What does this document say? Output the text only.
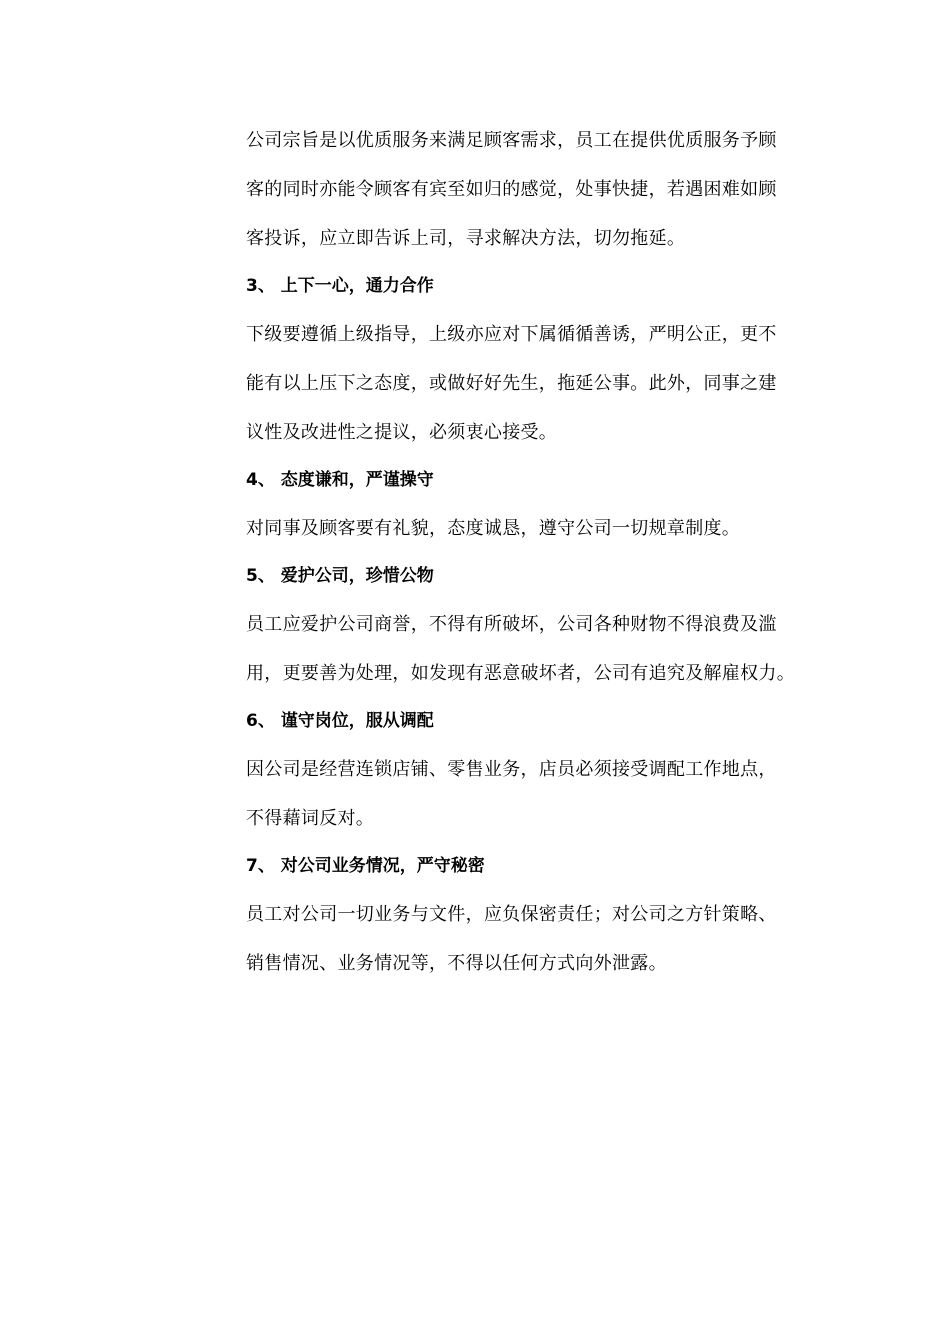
公司宗旨是以优质服务来满足顾客需求，员工在提供优质服务予顾

客的同时亦能令顾客有宾至如归的感觉，处事快捷，若遇困难如顾

客投诉，应立即告诉上司，寻求解决方法，切勿拖延。

3、 上下一心，通力合作

下级要遵循上级指导，上级亦应对下属循循善诱，严明公正，更不

能有以上压下之态度，或做好好先生，拖延公事。此外，同事之建

议性及改进性之提议，必须衷心接受。

4、 态度谦和，严谨操守

对同事及顾客要有礼貌，态度诚恳，遵守公司一切规章制度。

5、 爱护公司，珍惜公物

员工应爱护公司商誉，不得有所破坏，公司各种财物不得浪费及滥

用，更要善为处理，如发现有恶意破坏者，公司有追究及解雇权力。

6、 谨守岗位，服从调配

因公司是经营连锁店铺、零售业务，店员必须接受调配工作地点，

不得藉词反对。

7、 对公司业务情况，严守秘密

员工对公司一切业务与文件，应负保密责任；对公司之方针策略、

销售情况、业务情况等，不得以任何方式向外泄露。
